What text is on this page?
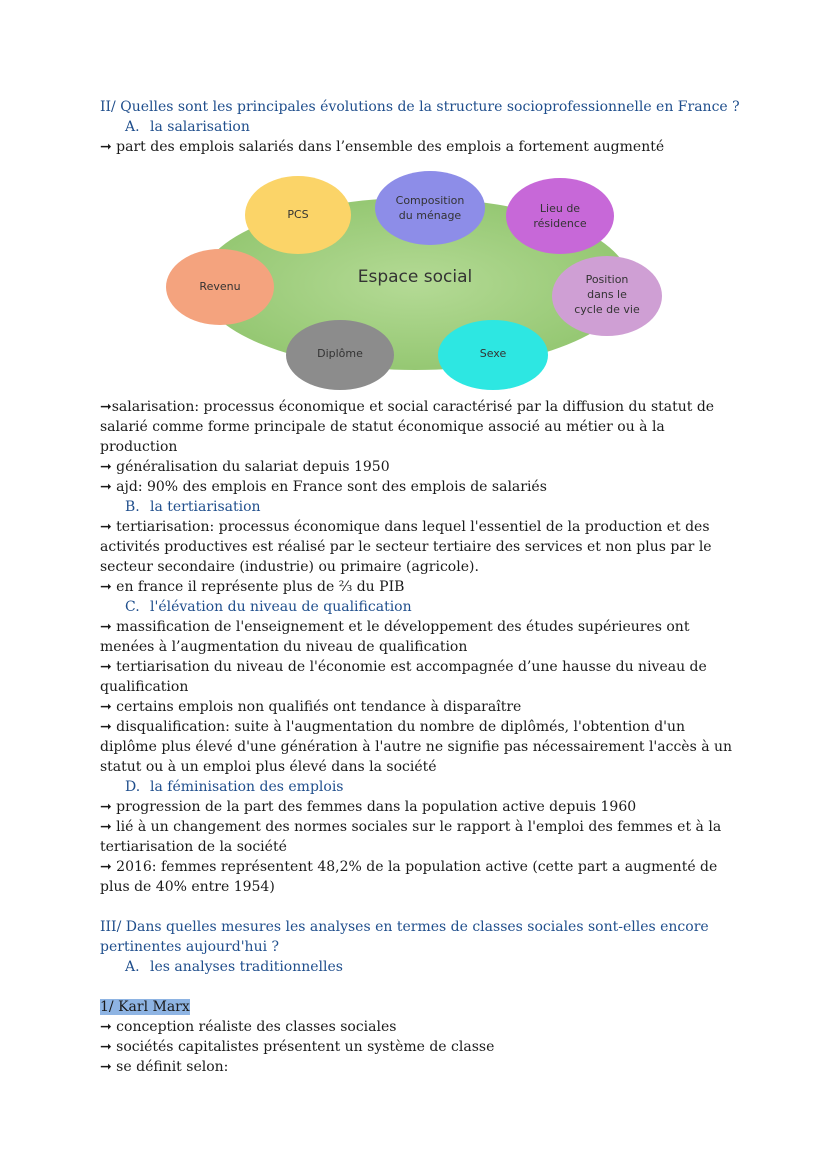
II/ Quelles sont les principales évolutions de la structure socioprofessionnelle en France ?
A. la salarisation
➞ part des emplois salariés dans l’ensemble des emplois a fortement augmenté
Espace social
PCS
Composition
du ménage
Lieu de
résidence
Revenu
Position
dans le
cycle de vie
Diplôme	Sexe
➞salarisation: processus économique et social caractérisé par la diffusion du statut de salarié comme forme principale de statut économique associé au métier ou à la production
➞ généralisation du salariat depuis 1950
➞ ajd: 90% des emplois en France sont des emplois de salariés
B. la tertiarisation
➞ tertiarisation: processus économique dans lequel l'essentiel de la production et des activités productives est réalisé par le secteur tertiaire des services et non plus par le secteur secondaire (industrie) ou primaire (agricole).
➞ en france il représente plus de ⅔ du PIB
C. l'élévation du niveau de qualification
➞ massification de l'enseignement et le développement des études supérieures ont menées à l’augmentation du niveau de qualification
➞ tertiarisation du niveau de l'économie est accompagnée d’une hausse du niveau de qualification
➞ certains emplois non qualifiés ont tendance à disparaître
➞ disqualification: suite à l'augmentation du nombre de diplômés, l'obtention d'un diplôme plus élevé d'une génération à l'autre ne signifie pas nécessairement l'accès à un statut ou à un emploi plus élevé dans la société
D. la féminisation des emplois
➞ progression de la part des femmes dans la population active depuis 1960
➞ lié à un changement des normes sociales sur le rapport à l'emploi des femmes et à la tertiarisation de la société
➞ 2016: femmes représentent 48,2% de la population active (cette part a augmenté de plus de 40% entre 1954)
III/ Dans quelles mesures les analyses en termes de classes sociales sont-elles encore pertinentes aujourd'hui ?
A. les analyses traditionnelles
1/ Karl Marx
➞ conception réaliste des classes sociales
➞ sociétés capitalistes présentent un système de classe
➞ se définit selon:
